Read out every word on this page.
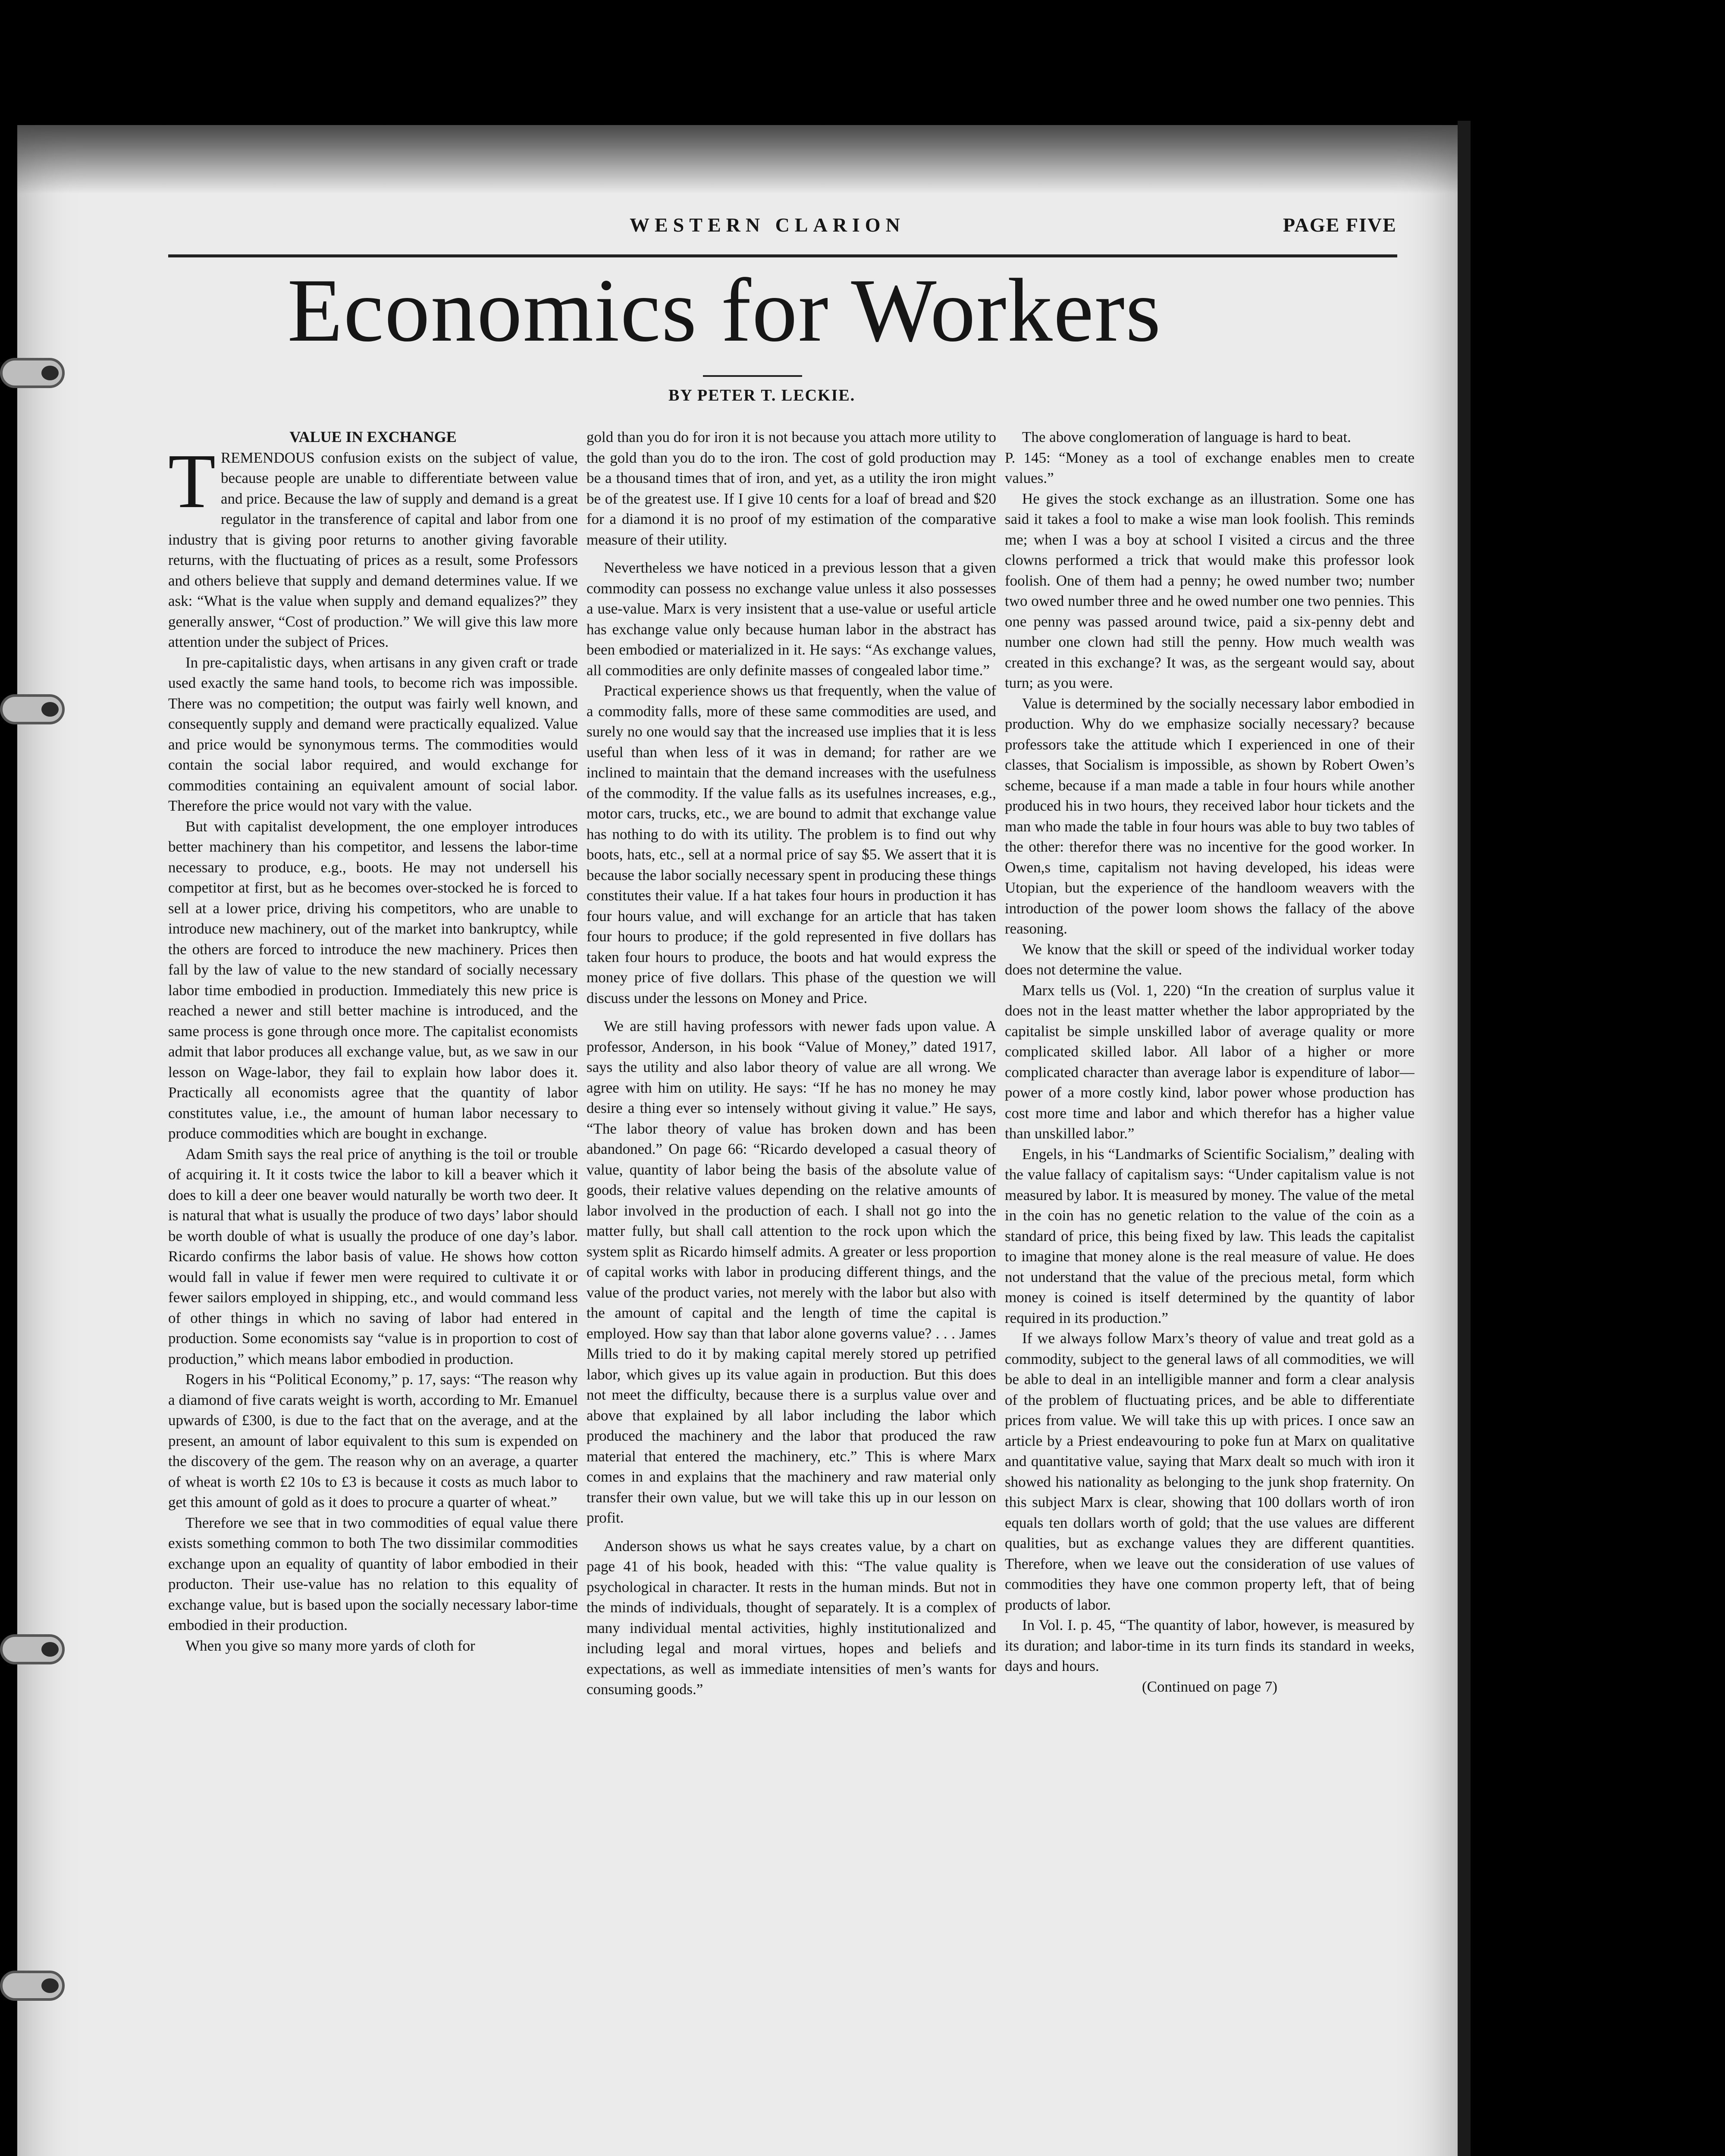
WESTERN CLARION	PAGE FIVE
Economics for Workers
BY PETER T. LECKIE.

VALUE IN EXCHANGE

TREMENDOUS confusion exists on the subject of value, because people are unable to differentiate between value and price. Because the law of supply and demand is a great regulator in the transference of capital and labor from one industry that is giving poor returns to another giving favorable returns, with the fluctuating of prices as a result, some Professors and others believe that supply and demand determines value. If we ask: “What is the value when supply and demand equalizes?” they generally answer, “Cost of production.” We will give this law more attention under the subject of Prices.

In pre-capitalistic days, when artisans in any given craft or trade used exactly the same hand tools, to become rich was impossible. There was no competition; the output was fairly well known, and consequently supply and demand were practically equalized. Value and price would be synonymous terms. The commodities would contain the social labor required, and would exchange for commodities containing an equivalent amount of social labor. Therefore the price would not vary with the value.

But with capitalist development, the one employer introduces better machinery than his competitor, and lessens the labor-time necessary to produce, e.g., boots. He may not undersell his competitor at first, but as he becomes over-stocked he is forced to sell at a lower price, driving his competitors, who are unable to introduce new machinery, out of the market into bankruptcy, while the others are forced to introduce the new machinery. Prices then fall by the law of value to the new standard of socially necessary labor time embodied in production. Immediately this new price is reached a newer and still better machine is introduced, and the same process is gone through once more. The capitalist economists admit that labor produces all exchange value, but, as we saw in our lesson on Wage-labor, they fail to explain how labor does it. Practically all economists agree that the quantity of labor constitutes value, i.e., the amount of human labor necessary to produce commodities which are bought in exchange.

Adam Smith says the real price of anything is the toil or trouble of acquiring it. It it costs twice the labor to kill a beaver which it does to kill a deer one beaver would naturally be worth two deer. It is natural that what is usually the produce of two days’ labor should be worth double of what is usually the produce of one day’s labor. Ricardo confirms the labor basis of value. He shows how cotton would fall in value if fewer men were required to cultivate it or fewer sailors employed in shipping, etc., and would command less of other things in which no saving of labor had entered in production. Some economists say “value is in proportion to cost of production,” which means labor embodied in production.

Rogers in his “Political Economy,” p. 17, says: “The reason why a diamond of five carats weight is worth, according to Mr. Emanuel upwards of £300, is due to the fact that on the average, and at the present, an amount of labor equivalent to this sum is expended on the discovery of the gem. The reason why on an average, a quarter of wheat is worth £2 10s to £3 is because it costs as much labor to get this amount of gold as it does to procure a quarter of wheat.”

Therefore we see that in two commodities of equal value there exists something common to both The two dissimilar commodities exchange upon an equality of quantity of labor embodied in their producton. Their use-value has no relation to this equality of exchange value, but is based upon the socially necessary labor-time embodied in their production.

When you give so many more yards of cloth for

gold than you do for iron it is not because you attach more utility to the gold than you do to the iron. The cost of gold production may be a thousand times that of iron, and yet, as a utility the iron might be of the greatest use. If I give 10 cents for a loaf of bread and $20 for a diamond it is no proof of my estimation of the comparative measure of their utility.

Nevertheless we have noticed in a previous lesson that a given commodity can possess no exchange value unless it also possesses a use-value. Marx is very insistent that a use-value or useful article has exchange value only because human labor in the abstract has been embodied or materialized in it. He says: “As exchange values, all commodities are only definite masses of congealed labor time.”

Practical experience shows us that frequently, when the value of a commodity falls, more of these same commodities are used, and surely no one would say that the increased use implies that it is less useful than when less of it was in demand; for rather are we inclined to maintain that the demand increases with the usefulness of the commodity. If the value falls as its usefulnes increases, e.g., motor cars, trucks, etc., we are bound to admit that exchange value has nothing to do with its utility. The problem is to find out why boots, hats, etc., sell at a normal price of say $5. We assert that it is because the labor socially necessary spent in producing these things constitutes their value. If a hat takes four hours in production it has four hours value, and will exchange for an article that has taken four hours to produce; if the gold represented in five dollars has taken four hours to produce, the boots and hat would express the money price of five dollars. This phase of the question we will discuss under the lessons on Money and Price.

We are still having professors with newer fads upon value. A professor, Anderson, in his book “Value of Money,” dated 1917, says the utility and also labor theory of value are all wrong. We agree with him on utility. He says: “If he has no money he may desire a thing ever so intensely without giving it value.” He says, “The labor theory of value has broken down and has been abandoned.” On page 66: “Ricardo developed a casual theory of value, quantity of labor being the basis of the absolute value of goods, their relative values depending on the relative amounts of labor involved in the production of each. I shall not go into the matter fully, but shall call attention to the rock upon which the system split as Ricardo himself admits. A greater or less proportion of capital works with labor in producing different things, and the value of the product varies, not merely with the labor but also with the amount of capital and the length of time the capital is employed. How say than that labor alone governs value? . . . James Mills tried to do it by making capital merely stored up petrified labor, which gives up its value again in production. But this does not meet the difficulty, because there is a surplus value over and above that explained by all labor including the labor which produced the machinery and the labor that produced the raw material that entered the machinery, etc.” This is where Marx comes in and explains that the machinery and raw material only transfer their own value, but we will take this up in our lesson on profit.

Anderson shows us what he says creates value, by a chart on page 41 of his book, headed with this: “The value quality is psychological in character. It rests in the human minds. But not in the minds of individuals, thought of separately. It is a complex of many individual mental activities, highly institutionalized and including legal and moral virtues, hopes and beliefs and expectations, as well as immediate intensities of men’s wants for consuming goods.”

The above conglomeration of language is hard to beat.

P. 145: “Money as a tool of exchange enables men to create values.”

He gives the stock exchange as an illustration. Some one has said it takes a fool to make a wise man look foolish. This reminds me; when I was a boy at school I visited a circus and the three clowns performed a trick that would make this professor look foolish. One of them had a penny; he owed number two; number two owed number three and he owed number one two pennies. This one penny was passed around twice, paid a six-penny debt and number one clown had still the penny. How much wealth was created in this exchange? It was, as the sergeant would say, about turn; as you were.

Value is determined by the socially necessary labor embodied in production. Why do we emphasize socially necessary? because professors take the attitude which I experienced in one of their classes, that Socialism is impossible, as shown by Robert Owen’s scheme, because if a man made a table in four hours while another produced his in two hours, they received labor hour tickets and the man who made the table in four hours was able to buy two tables of the other: therefor there was no incentive for the good worker. In Owen,s time, capitalism not having developed, his ideas were Utopian, but the experience of the handloom weavers with the introduction of the power loom shows the fallacy of the above reasoning.

We know that the skill or speed of the individual worker today does not determine the value.

Marx tells us (Vol. 1, 220) “In the creation of surplus value it does not in the least matter whether the labor appropriated by the capitalist be simple unskilled labor of average quality or more complicated skilled labor. All labor of a higher or more complicated character than average labor is expenditure of labor—power of a more costly kind, labor power whose production has cost more time and labor and which therefor has a higher value than unskilled labor.”

Engels, in his “Landmarks of Scientific Socialism,” dealing with the value fallacy of capitalism says: “Under capitalism value is not measured by labor. It is measured by money. The value of the metal in the coin has no genetic relation to the value of the coin as a standard of price, this being fixed by law. This leads the capitalist to imagine that money alone is the real measure of value. He does not understand that the value of the precious metal, form which money is coined is itself determined by the quantity of labor required in its production.”

If we always follow Marx’s theory of value and treat gold as a commodity, subject to the general laws of all commodities, we will be able to deal in an intelligible manner and form a clear analysis of the problem of fluctuating prices, and be able to differentiate prices from value. We will take this up with prices. I once saw an article by a Priest endeavouring to poke fun at Marx on qualitative and quantitative value, saying that Marx dealt so much with iron it showed his nationality as belonging to the junk shop fraternity. On this subject Marx is clear, showing that 100 dollars worth of iron equals ten dollars worth of gold; that the use values are different qualities, but as exchange values they are different quantities. Therefore, when we leave out the consideration of use values of commodities they have one common property left, that of being products of labor.

In Vol. I. p. 45, “The quantity of labor, however, is measured by its duration; and labor-time in its turn finds its standard in weeks, days and hours.

(Continued on page 7)
